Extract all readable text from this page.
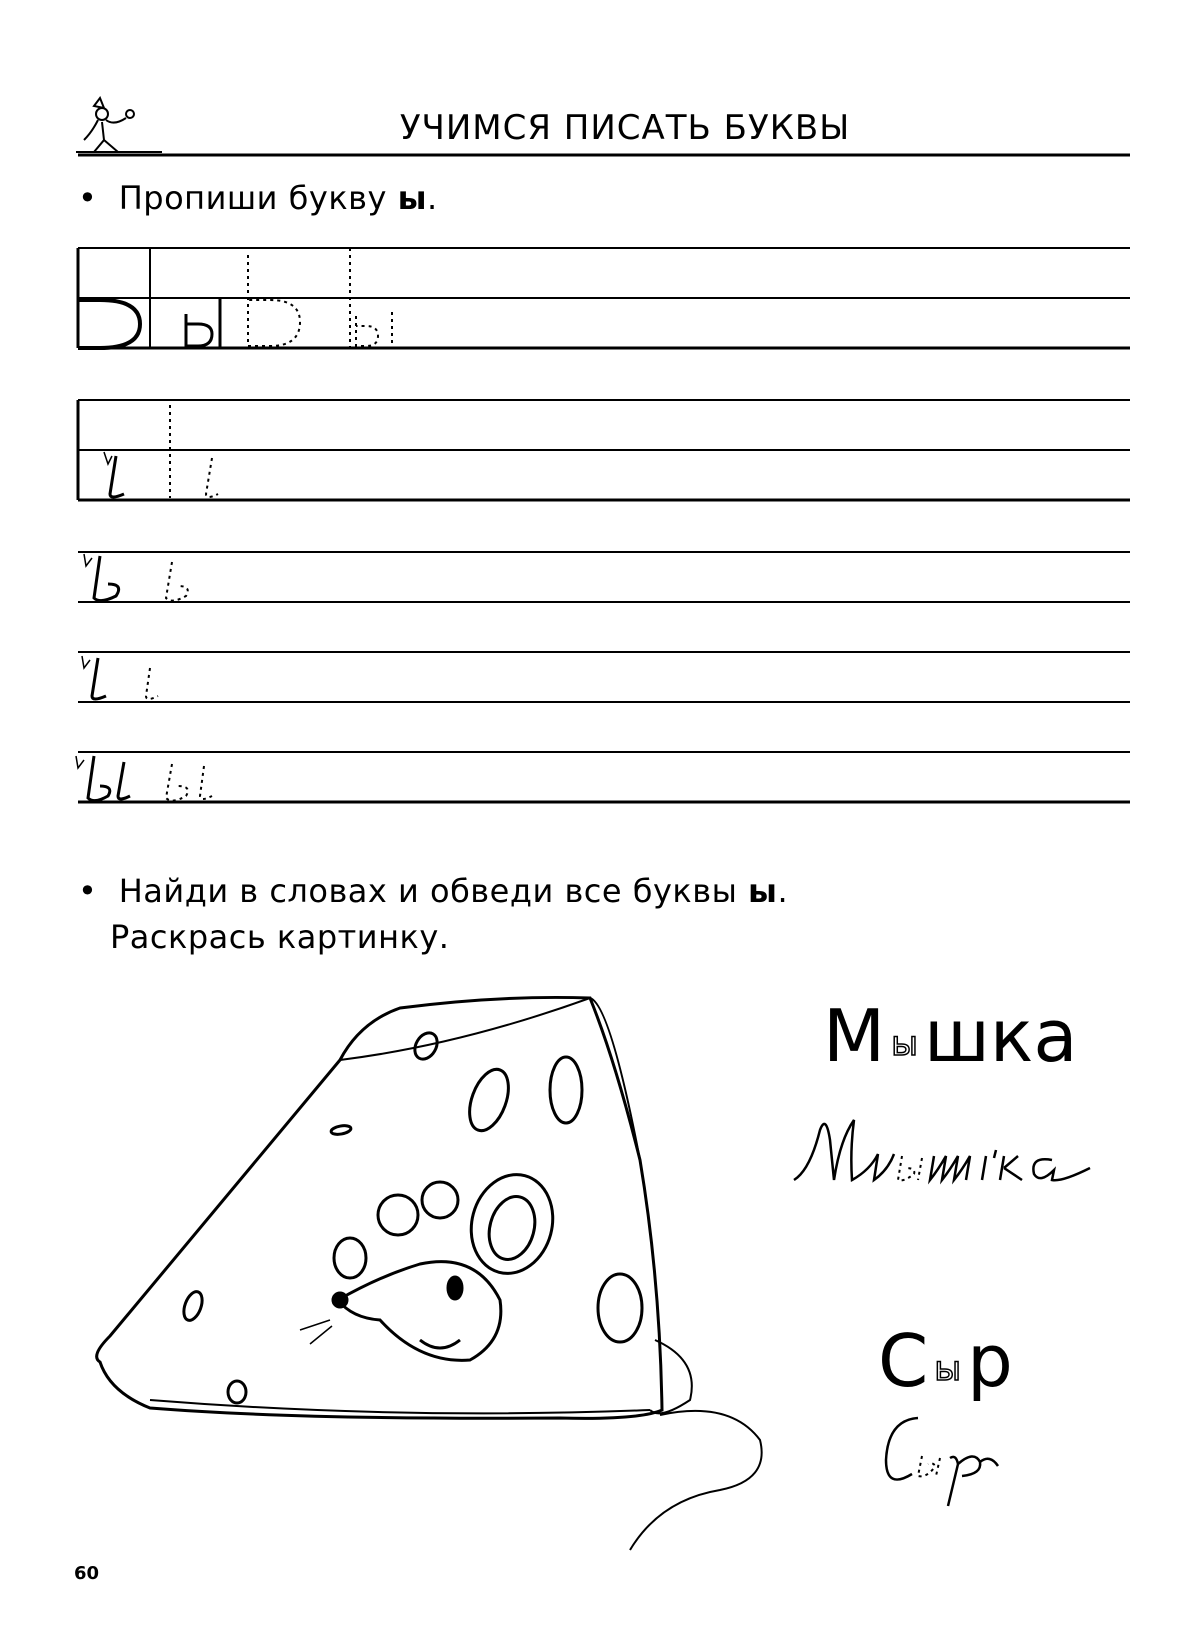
УЧИМСЯ ПИСАТЬ БУКВЫ
•  Пропиши букву ы.
•  Найди в словах и обведи все буквы ы.
Раскрась картинку.
Мышка
Сыр
60
